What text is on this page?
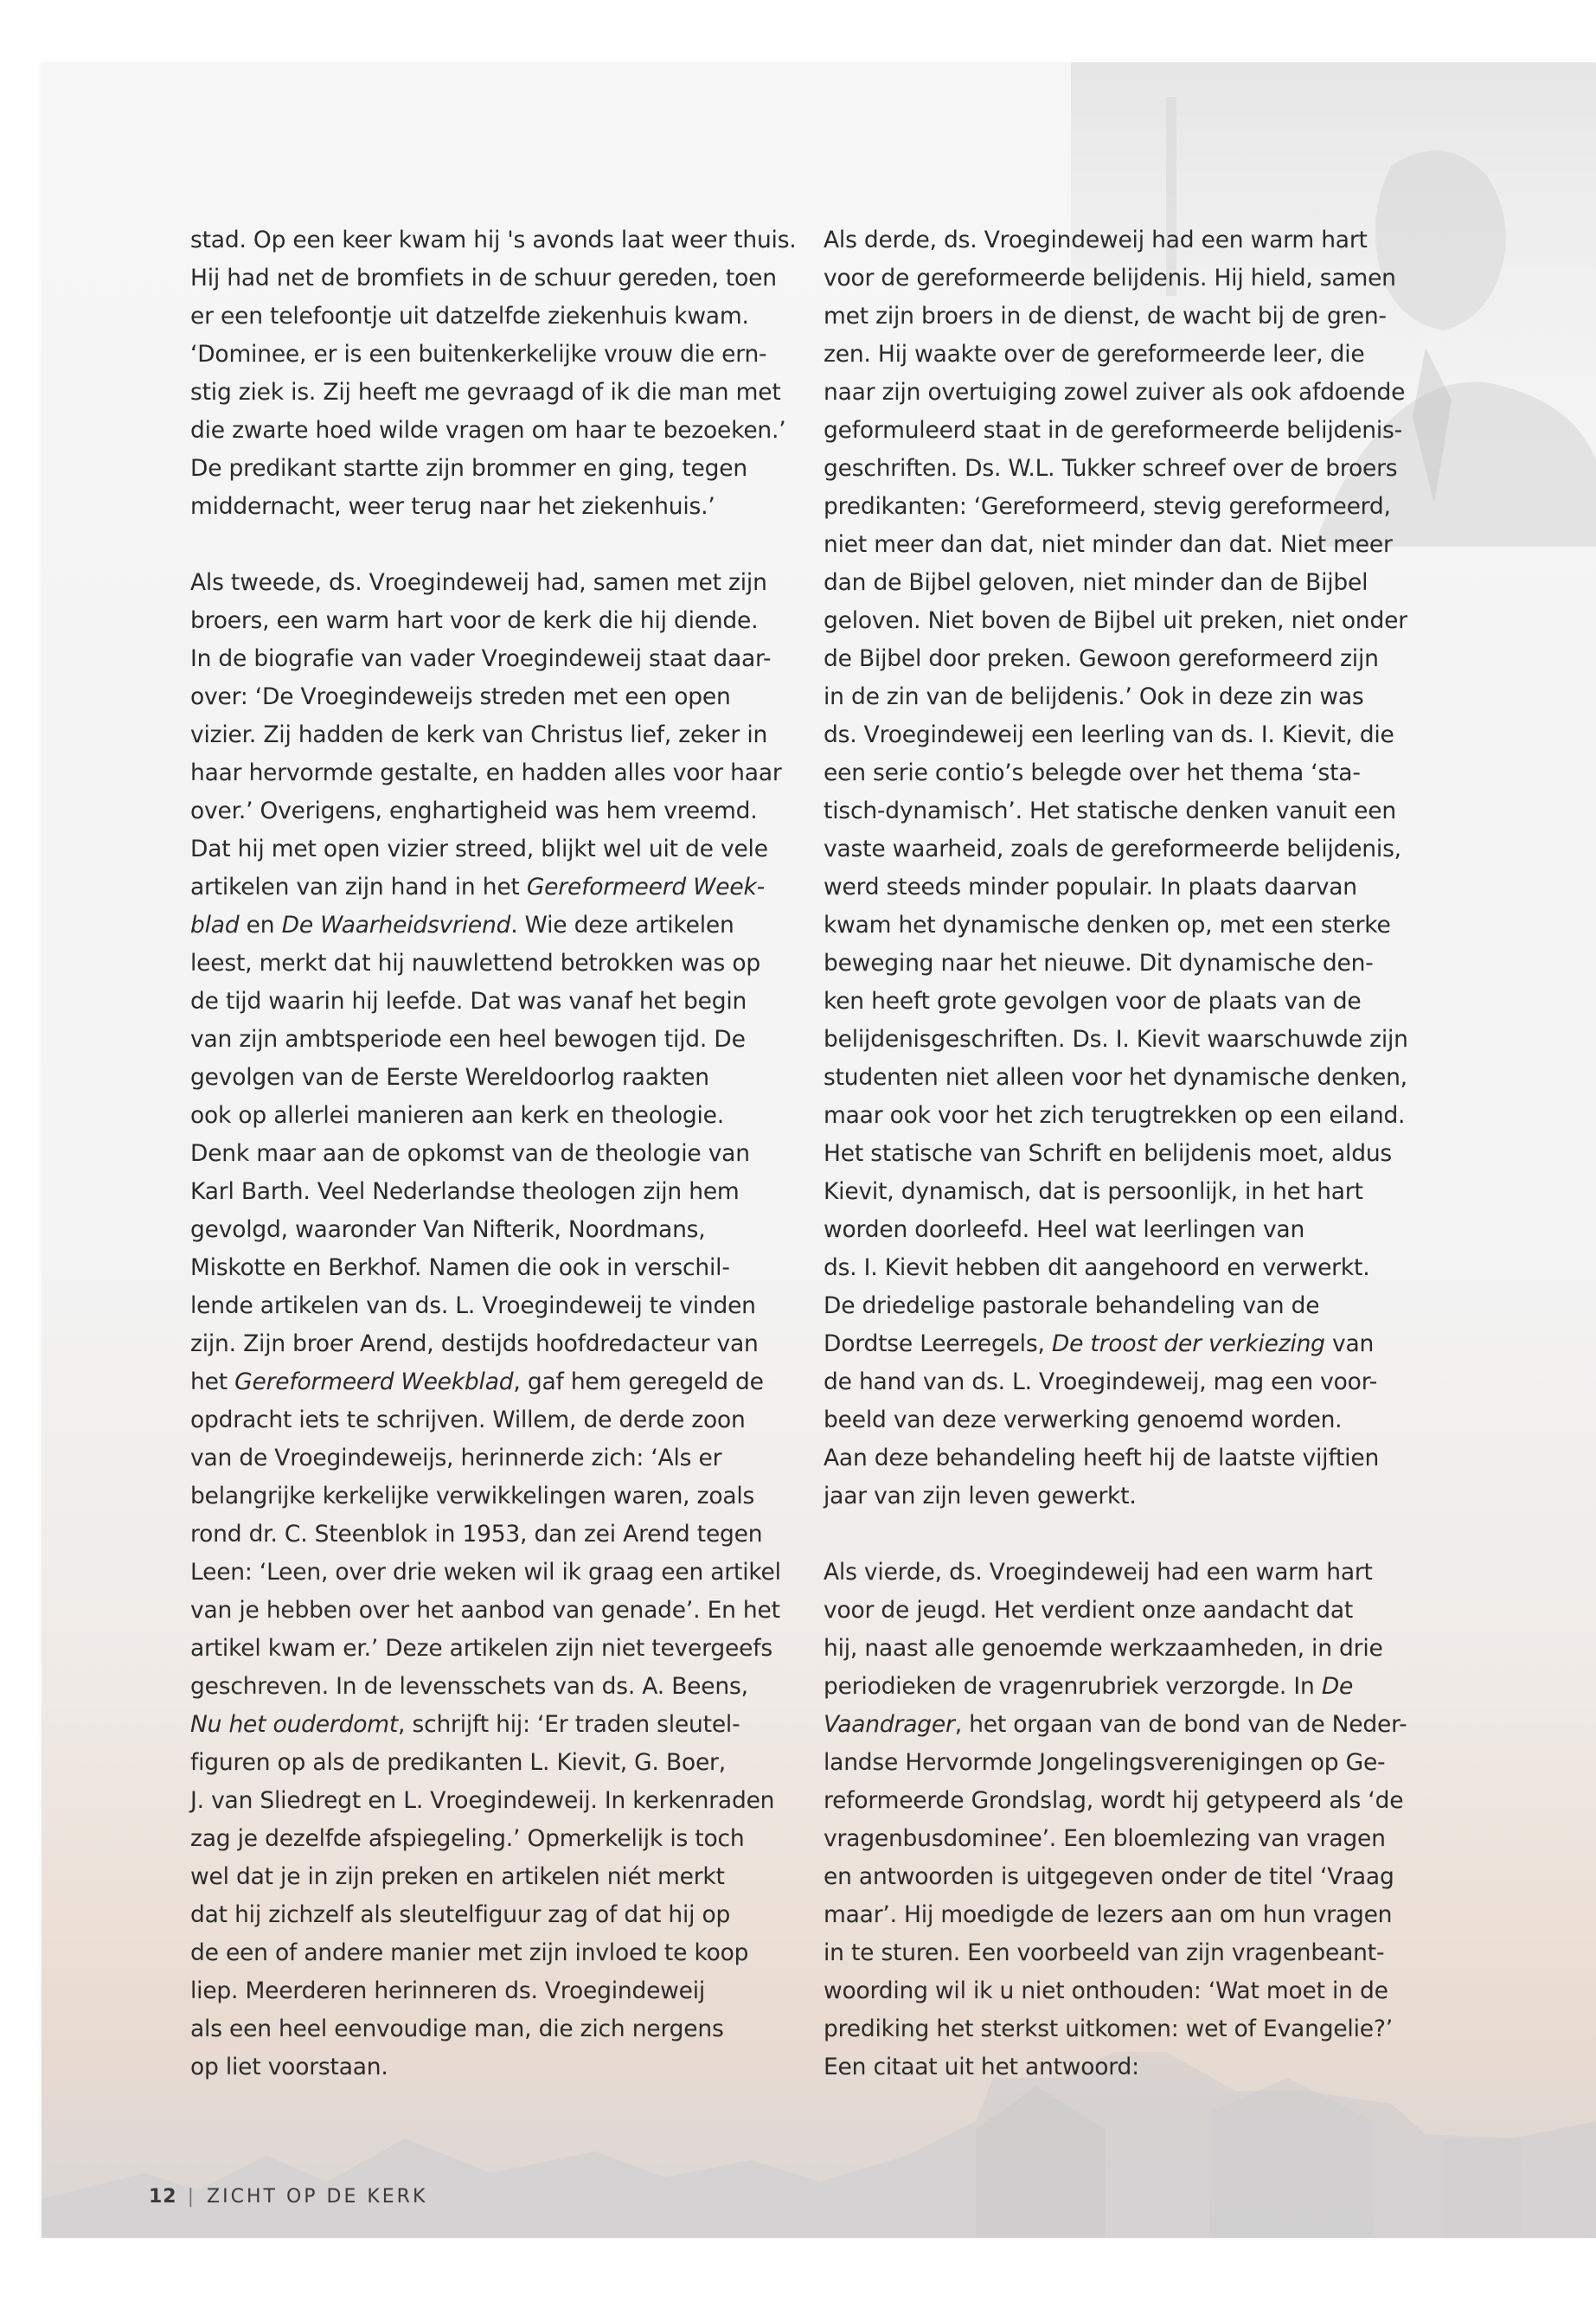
stad. Op een keer kwam hij 's avonds laat weer thuis.
Hij had net de bromfiets in de schuur gereden, toen
er een telefoontje uit datzelfde ziekenhuis kwam.
‘Dominee, er is een buitenkerkelijke vrouw die ern-
stig ziek is. Zij heeft me gevraagd of ik die man met
die zwarte hoed wilde vragen om haar te bezoeken.’
De predikant startte zijn brommer en ging, tegen
middernacht, weer terug naar het ziekenhuis.’

Als tweede, ds. Vroegindeweij had, samen met zijn
broers, een warm hart voor de kerk die hij diende.
In de biografie van vader Vroegindeweij staat daar-
over: ‘De Vroegindeweijs streden met een open
vizier. Zij hadden de kerk van Christus lief, zeker in
haar hervormde gestalte, en hadden alles voor haar
over.’ Overigens, enghartigheid was hem vreemd.
Dat hij met open vizier streed, blijkt wel uit de vele
artikelen van zijn hand in het Gereformeerd Week-
blad en De Waarheidsvriend. Wie deze artikelen
leest, merkt dat hij nauwlettend betrokken was op
de tijd waarin hij leefde. Dat was vanaf het begin
van zijn ambtsperiode een heel bewogen tijd. De
gevolgen van de Eerste Wereldoorlog raakten
ook op allerlei manieren aan kerk en theologie.
Denk maar aan de opkomst van de theologie van
Karl Barth. Veel Nederlandse theologen zijn hem
gevolgd, waaronder Van Nifterik, Noordmans,
Miskotte en Berkhof. Namen die ook in verschil-
lende artikelen van ds. L. Vroegindeweij te vinden
zijn. Zijn broer Arend, destijds hoofdredacteur van
het Gereformeerd Weekblad, gaf hem geregeld de
opdracht iets te schrijven. Willem, de derde zoon
van de Vroegindeweijs, herinnerde zich: ‘Als er
belangrijke kerkelijke verwikkelingen waren, zoals
rond dr. C. Steenblok in 1953, dan zei Arend tegen
Leen: ‘Leen, over drie weken wil ik graag een artikel
van je hebben over het aanbod van genade’. En het
artikel kwam er.’ Deze artikelen zijn niet tevergeefs
geschreven. In de levensschets van ds. A. Beens,
Nu het ouderdomt, schrijft hij: ‘Er traden sleutel-
figuren op als de predikanten L. Kievit, G. Boer,
J. van Sliedregt en L. Vroegindeweij. In kerkenraden
zag je dezelfde afspiegeling.’ Opmerkelijk is toch
wel dat je in zijn preken en artikelen niét merkt
dat hij zichzelf als sleutelfiguur zag of dat hij op
de een of andere manier met zijn invloed te koop
liep. Meerderen herinneren ds. Vroegindeweij
als een heel eenvoudige man, die zich nergens
op liet voorstaan.

Als derde, ds. Vroegindeweij had een warm hart
voor de gereformeerde belijdenis. Hij hield, samen
met zijn broers in de dienst, de wacht bij de gren-
zen. Hij waakte over de gereformeerde leer, die
naar zijn overtuiging zowel zuiver als ook afdoende
geformuleerd staat in de gereformeerde belijdenis-
geschriften. Ds. W.L. Tukker schreef over de broers
predikanten: ‘Gereformeerd, stevig gereformeerd,
niet meer dan dat, niet minder dan dat. Niet meer
dan de Bijbel geloven, niet minder dan de Bijbel
geloven. Niet boven de Bijbel uit preken, niet onder
de Bijbel door preken. Gewoon gereformeerd zijn
in de zin van de belijdenis.’ Ook in deze zin was
ds. Vroegindeweij een leerling van ds. I. Kievit, die
een serie contio’s belegde over het thema ‘sta-
tisch-dynamisch’. Het statische denken vanuit een
vaste waarheid, zoals de gereformeerde belijdenis,
werd steeds minder populair. In plaats daarvan
kwam het dynamische denken op, met een sterke
beweging naar het nieuwe. Dit dynamische den-
ken heeft grote gevolgen voor de plaats van de
belijdenisgeschriften. Ds. I. Kievit waarschuwde zijn
studenten niet alleen voor het dynamische denken,
maar ook voor het zich terugtrekken op een eiland.
Het statische van Schrift en belijdenis moet, aldus
Kievit, dynamisch, dat is persoonlijk, in het hart
worden doorleefd. Heel wat leerlingen van
ds. I. Kievit hebben dit aangehoord en verwerkt.
De driedelige pastorale behandeling van de
Dordtse Leerregels, De troost der verkiezing van
de hand van ds. L. Vroegindeweij, mag een voor-
beeld van deze verwerking genoemd worden.
Aan deze behandeling heeft hij de laatste vijftien
jaar van zijn leven gewerkt.

Als vierde, ds. Vroegindeweij had een warm hart
voor de jeugd. Het verdient onze aandacht dat
hij, naast alle genoemde werkzaamheden, in drie
periodieken de vragenrubriek verzorgde. In De
Vaandrager, het orgaan van de bond van de Neder-
landse Hervormde Jongelingsverenigingen op Ge-
reformeerde Grondslag, wordt hij getypeerd als ‘de
vragenbusdominee’. Een bloemlezing van vragen
en antwoorden is uitgegeven onder de titel ‘Vraag
maar’. Hij moedigde de lezers aan om hun vragen
in te sturen. Een voorbeeld van zijn vragenbeant-
woording wil ik u niet onthouden: ‘Wat moet in de
prediking het sterkst uitkomen: wet of Evangelie?’
Een citaat uit het antwoord:

12 | ZICHT OP DE KERK
